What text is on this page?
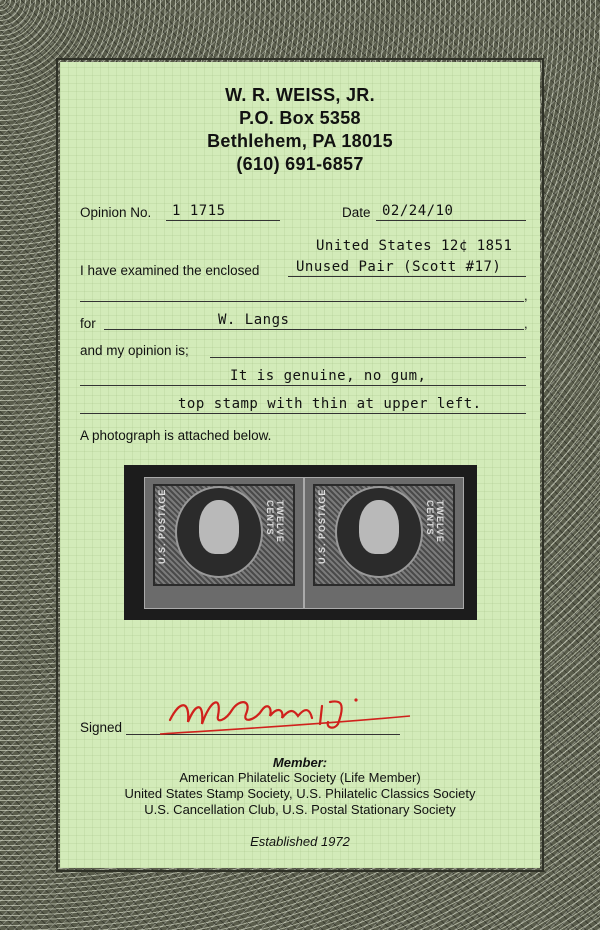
W. R. WEISS, JR.
P.O. Box 5358
Bethlehem, PA 18015
(610) 691-6857
Opinion No. 1 1715	Date 02/24/10
United States 12¢ 1851
I have examined the enclosed	Unused Pair (Scott #17)
,
for	W. Langs	,
and my opinion is;
It is genuine, no gum,
top stamp with thin at upper left.
A photograph is attached below.
U.S. POSTAGE	TWELVE CENTS	U.S. POSTAGE	TWELVE CENTS
Signed
Member:
American Philatelic Society (Life Member)
United States Stamp Society, U.S. Philatelic Classics Society
U.S. Cancellation Club, U.S. Postal Stationary Society
Established 1972
